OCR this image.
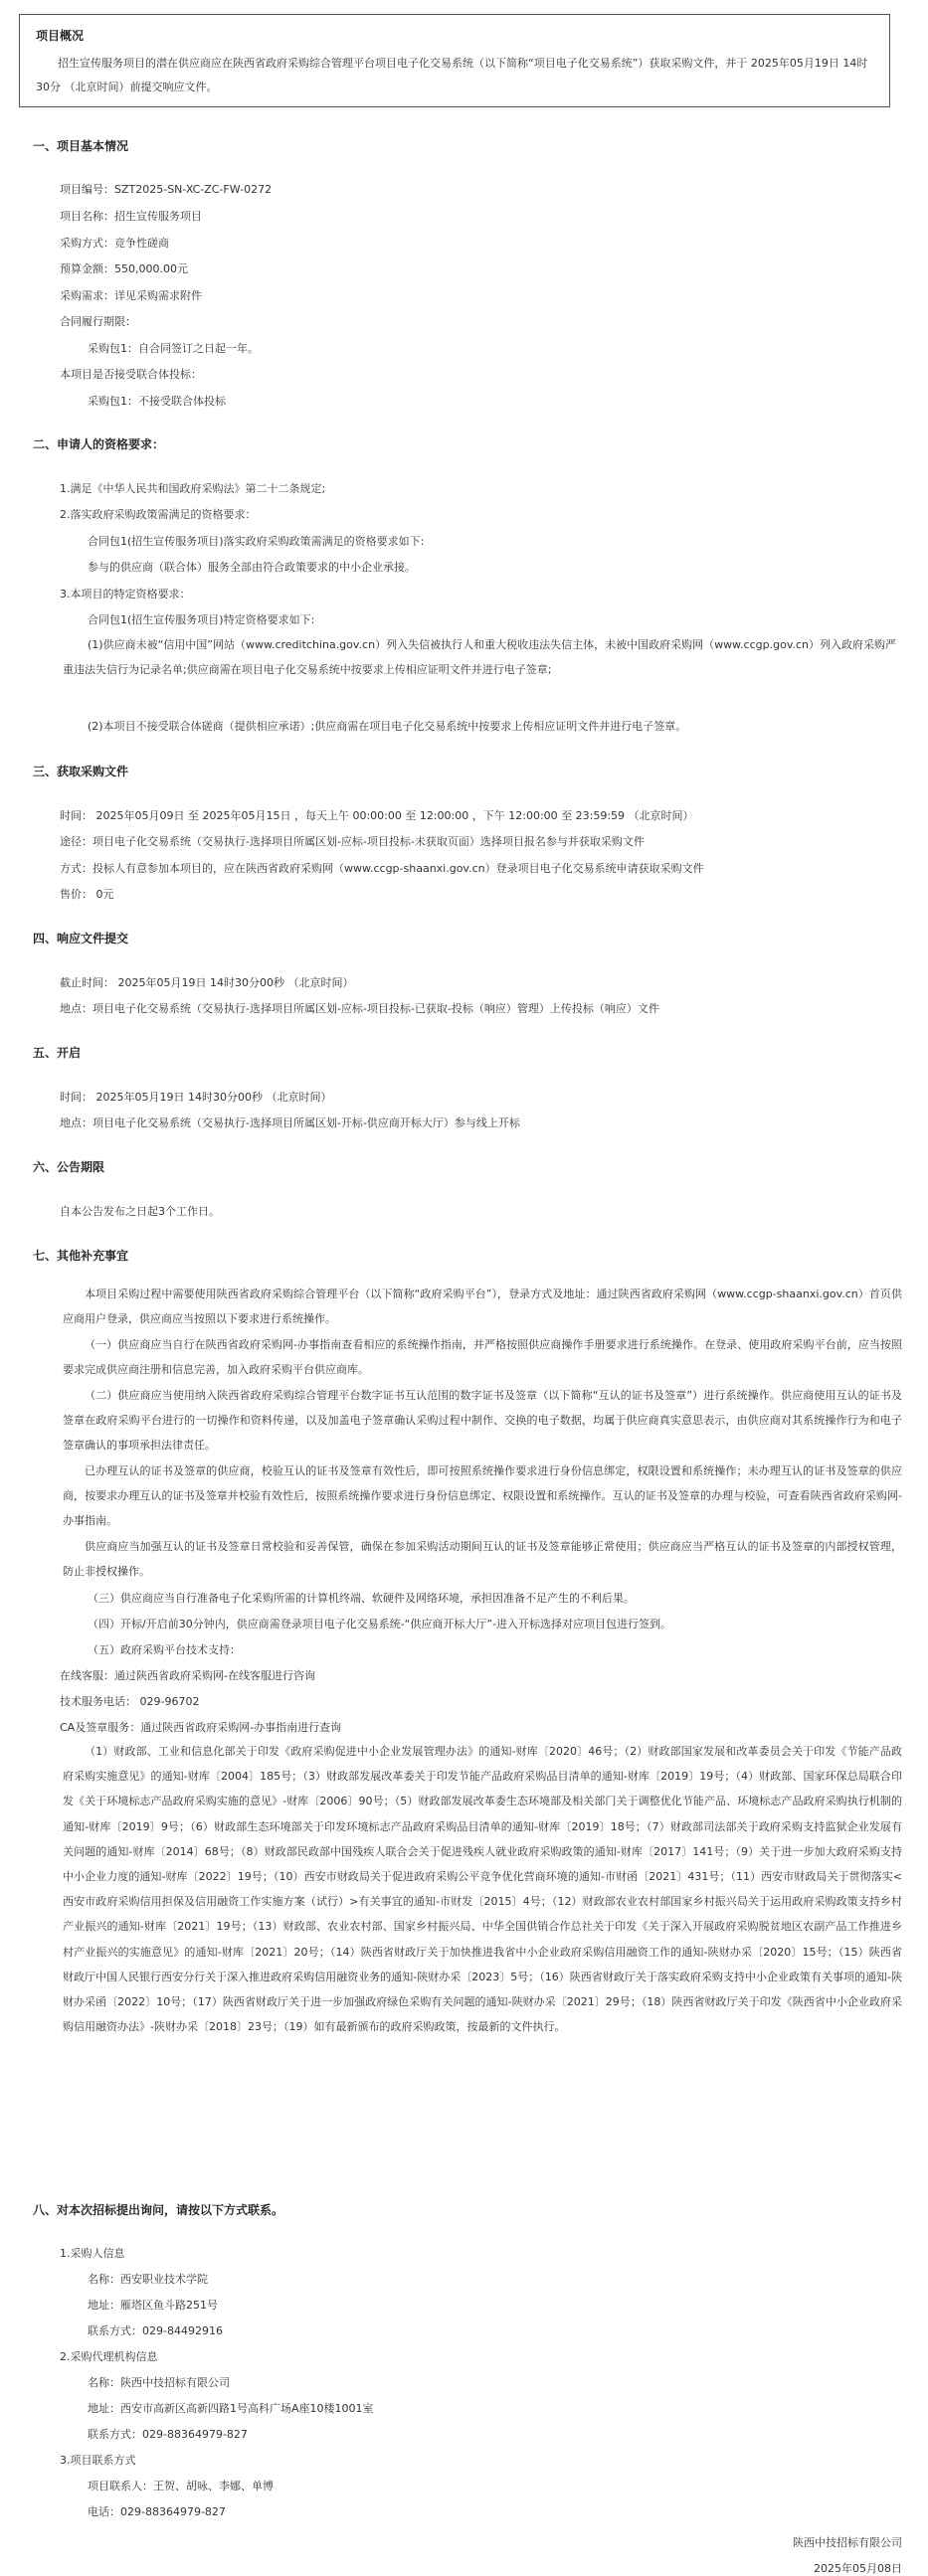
项目概况
招生宣传服务项目的潜在供应商应在陕西省政府采购综合管理平台项目电子化交易系统（以下简称“项目电子化交易系统”）获取采购文件，并于 2025年05月19日 14时30分 （北京时间）前提交响应文件。
一、项目基本情况
项目编号：SZT2025-SN-XC-ZC-FW-0272
项目名称：招生宣传服务项目
采购方式：竞争性磋商
预算金额：550,000.00元
采购需求：详见采购需求附件
合同履行期限：
采购包1：自合同签订之日起一年。
本项目是否接受联合体投标：
采购包1：不接受联合体投标
二、申请人的资格要求：
1.满足《中华人民共和国政府采购法》第二十二条规定;
2.落实政府采购政策需满足的资格要求：
合同包1(招生宣传服务项目)落实政府采购政策需满足的资格要求如下:
参与的供应商（联合体）服务全部由符合政策要求的中小企业承接。
3.本项目的特定资格要求：
合同包1(招生宣传服务项目)特定资格要求如下:
(1)供应商未被“信用中国”网站（www.creditchina.gov.cn）列入失信被执行人和重大税收违法失信主体，未被中国政府采购网（www.ccgp.gov.cn）列入政府采购严重违法失信行为记录名单;供应商需在项目电子化交易系统中按要求上传相应证明文件并进行电子签章;
(2)本项目不接受联合体磋商（提供相应承诺）;供应商需在项目电子化交易系统中按要求上传相应证明文件并进行电子签章。
三、获取采购文件
时间： 2025年05月09日 至 2025年05月15日 ，每天上午 00:00:00 至 12:00:00 ，下午 12:00:00 至 23:59:59 （北京时间）
途径：项目电子化交易系统（交易执行-选择项目所属区划-应标-项目投标-未获取页面）选择项目报名参与并获取采购文件
方式：投标人有意参加本项目的，应在陕西省政府采购网（www.ccgp-shaanxi.gov.cn）登录项目电子化交易系统申请获取采购文件
售价： 0元
四、响应文件提交
截止时间： 2025年05月19日 14时30分00秒 （北京时间）
地点：项目电子化交易系统（交易执行-选择项目所属区划-应标-项目投标-已获取-投标（响应）管理）上传投标（响应）文件
五、开启
时间： 2025年05月19日 14时30分00秒 （北京时间）
地点：项目电子化交易系统（交易执行-选择项目所属区划-开标-供应商开标大厅）参与线上开标
六、公告期限
自本公告发布之日起3个工作日。
七、其他补充事宜
本项目采购过程中需要使用陕西省政府采购综合管理平台（以下简称“政府采购平台”），登录方式及地址：通过陕西省政府采购网（www.ccgp-shaanxi.gov.cn）首页供应商用户登录，供应商应当按照以下要求进行系统操作。
（一）供应商应当自行在陕西省政府采购网-办事指南查看相应的系统操作指南，并严格按照供应商操作手册要求进行系统操作。在登录、使用政府采购平台前，应当按照要求完成供应商注册和信息完善，加入政府采购平台供应商库。
（二）供应商应当使用纳入陕西省政府采购综合管理平台数字证书互认范围的数字证书及签章（以下简称“互认的证书及签章”）进行系统操作。供应商使用互认的证书及签章在政府采购平台进行的一切操作和资料传递，以及加盖电子签章确认采购过程中制作、交换的电子数据，均属于供应商真实意思表示，由供应商对其系统操作行为和电子签章确认的事项承担法律责任。
已办理互认的证书及签章的供应商，校验互认的证书及签章有效性后，即可按照系统操作要求进行身份信息绑定，权限设置和系统操作；未办理互认的证书及签章的供应商，按要求办理互认的证书及签章并校验有效性后，按照系统操作要求进行身份信息绑定、权限设置和系统操作。互认的证书及签章的办理与校验，可查看陕西省政府采购网-办事指南。
供应商应当加强互认的证书及签章日常校验和妥善保管，确保在参加采购活动期间互认的证书及签章能够正常使用；供应商应当严格互认的证书及签章的内部授权管理，防止非授权操作。
（三）供应商应当自行准备电子化采购所需的计算机终端、软硬件及网络环境，承担因准备不足产生的不利后果。
（四）开标/开启前30分钟内，供应商需登录项目电子化交易系统-“供应商开标大厅”-进入开标选择对应项目包进行签到。
（五）政府采购平台技术支持：
在线客服：通过陕西省政府采购网-在线客服进行咨询
技术服务电话： 029-96702
CA及签章服务：通过陕西省政府采购网-办事指南进行查询
（1）财政部、工业和信息化部关于印发《政府采购促进中小企业发展管理办法》的通知-财库〔2020〕46号；（2）财政部国家发展和改革委员会关于印发《节能产品政府采购实施意见》的通知-财库〔2004〕185号；（3）财政部发展改革委关于印发节能产品政府采购品目清单的通知-财库〔2019〕19号；（4）财政部、国家环保总局联合印发《关于环境标志产品政府采购实施的意见》-财库〔2006〕90号；（5）财政部发展改革委生态环境部及相关部门关于调整优化节能产品、环境标志产品政府采购执行机制的通知-财库〔2019〕9号；（6）财政部生态环境部关于印发环境标志产品政府采购品目清单的通知-财库〔2019〕18号；（7）财政部司法部关于政府采购支持监狱企业发展有关问题的通知-财库〔2014〕68号；（8）财政部民政部中国残疾人联合会关于促进残疾人就业政府采购政策的通知-财库〔2017〕141号；（9）关于进一步加大政府采购支持中小企业力度的通知-财库〔2022〕19号；（10）西安市财政局关于促进政府采购公平竞争优化营商环境的通知-市财函〔2021〕431号；（11）西安市财政局关于贯彻落实<西安市政府采购信用担保及信用融资工作实施方案（试行）>有关事宜的通知-市财发〔2015〕4号；（12）财政部农业农村部国家乡村振兴局关于运用政府采购政策支持乡村产业振兴的通知-财库〔2021〕19号；（13）财政部、农业农村部、国家乡村振兴局、中华全国供销合作总社关于印发《关于深入开展政府采购脱贫地区农副产品工作推进乡村产业振兴的实施意见》的通知-财库〔2021〕20号；（14）陕西省财政厅关于加快推进我省中小企业政府采购信用融资工作的通知-陕财办采〔2020〕15号；（15）陕西省财政厅中国人民银行西安分行关于深入推进政府采购信用融资业务的通知-陕财办采〔2023〕5号；（16）陕西省财政厅关于落实政府采购支持中小企业政策有关事项的通知-陕财办采函〔2022〕10号；（17）陕西省财政厅关于进一步加强政府绿色采购有关问题的通知-陕财办采〔2021〕29号；（18）陕西省财政厅关于印发《陕西省中小企业政府采购信用融资办法》-陕财办采〔2018〕23号；（19）如有最新颁布的政府采购政策，按最新的文件执行。
八、对本次招标提出询问，请按以下方式联系。
1.采购人信息
名称：西安职业技术学院
地址：雁塔区鱼斗路251号
联系方式：029-84492916
2.采购代理机构信息
名称：陕西中技招标有限公司
地址：西安市高新区高新四路1号高科广场A座10楼1001室
联系方式：029-88364979-827
3.项目联系方式
项目联系人：王贺、胡咏、李娜、单博
电话：029-88364979-827
陕西中技招标有限公司
2025年05月08日
